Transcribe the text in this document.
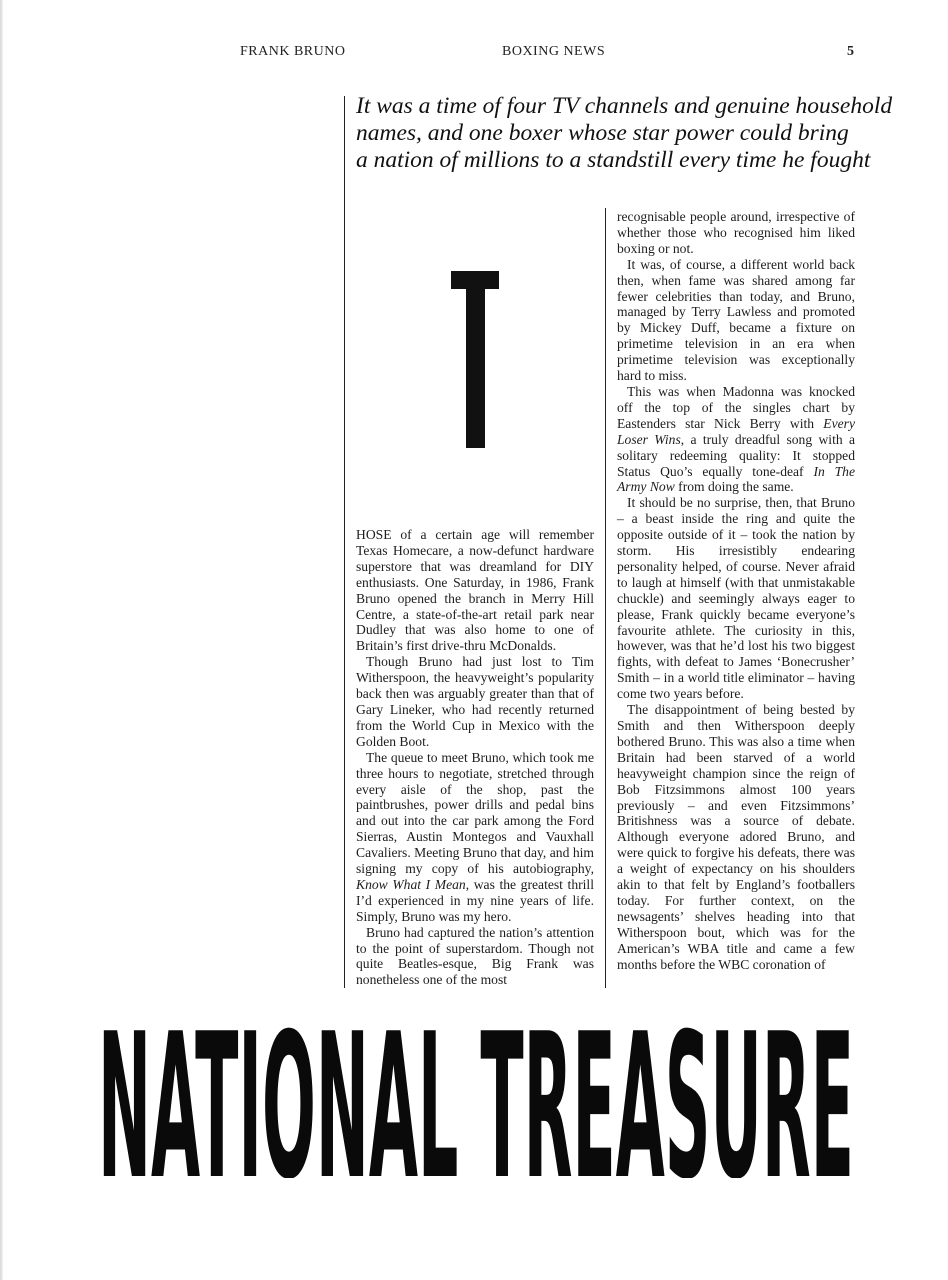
FRANK BRUNO	BOXING NEWS	5
It was a time of four TV channels and genuine household
names, and one boxer whose star power could bring
a nation of millions to a standstill every time he fought

HOSE of a certain age will remember Texas Homecare, a now-defunct hardware superstore that was dreamland for DIY enthusiasts. One Saturday, in 1986, Frank Bruno opened the branch in Merry Hill Centre, a state-of-the-art retail park near Dudley that was also home to one of Britain’s first drive-thru McDonalds.

Though Bruno had just lost to Tim Witherspoon, the heavyweight’s popularity back then was arguably greater than that of Gary Lineker, who had recently returned from the World Cup in Mexico with the Golden Boot.

The queue to meet Bruno, which took me three hours to negotiate, stretched through every aisle of the shop, past the paintbrushes, power drills and pedal bins and out into the car park among the Ford Sierras, Austin Montegos and Vauxhall Cavaliers. Meeting Bruno that day, and him signing my copy of his autobiography, Know What I Mean, was the greatest thrill I’d experienced in my nine years of life. Simply, Bruno was my hero.

Bruno had captured the nation’s attention to the point of superstardom. Though not quite Beatles-esque, Big Frank was nonetheless one of the most

recognisable people around, irrespective of whether those who recognised him liked boxing or not.

It was, of course, a different world back then, when fame was shared among far fewer celebrities than today, and Bruno, managed by Terry Lawless and promoted by Mickey Duff, became a fixture on primetime television in an era when primetime television was exceptionally hard to miss.

This was when Madonna was knocked off the top of the singles chart by Eastenders star Nick Berry with Every Loser Wins, a truly dreadful song with a solitary redeeming quality: It stopped Status Quo’s equally tone-deaf In The Army Now from doing the same.

It should be no surprise, then, that Bruno – a beast inside the ring and quite the opposite outside of it – took the nation by storm. His irresistibly endearing personality helped, of course. Never afraid to laugh at himself (with that unmistakable chuckle) and seemingly always eager to please, Frank quickly became everyone’s favourite athlete. The curiosity in this, however, was that he’d lost his two biggest fights, with defeat to James ‘Bonecrusher’ Smith – in a world title eliminator – having come two years before.

The disappointment of being bested by Smith and then Witherspoon deeply bothered Bruno. This was also a time when Britain had been starved of a world heavyweight champion since the reign of Bob Fitzsimmons almost 100 years previously – and even Fitzsimmons’ Britishness was a source of debate. Although everyone adored Bruno, and were quick to forgive his defeats, there was a weight of expectancy on his shoulders akin to that felt by England’s footballers today. For further context, on the newsagents’ shelves heading into that Witherspoon bout, which was for the American’s WBA title and came a few months before the WBC coronation of

NATIONAL TREASURE
